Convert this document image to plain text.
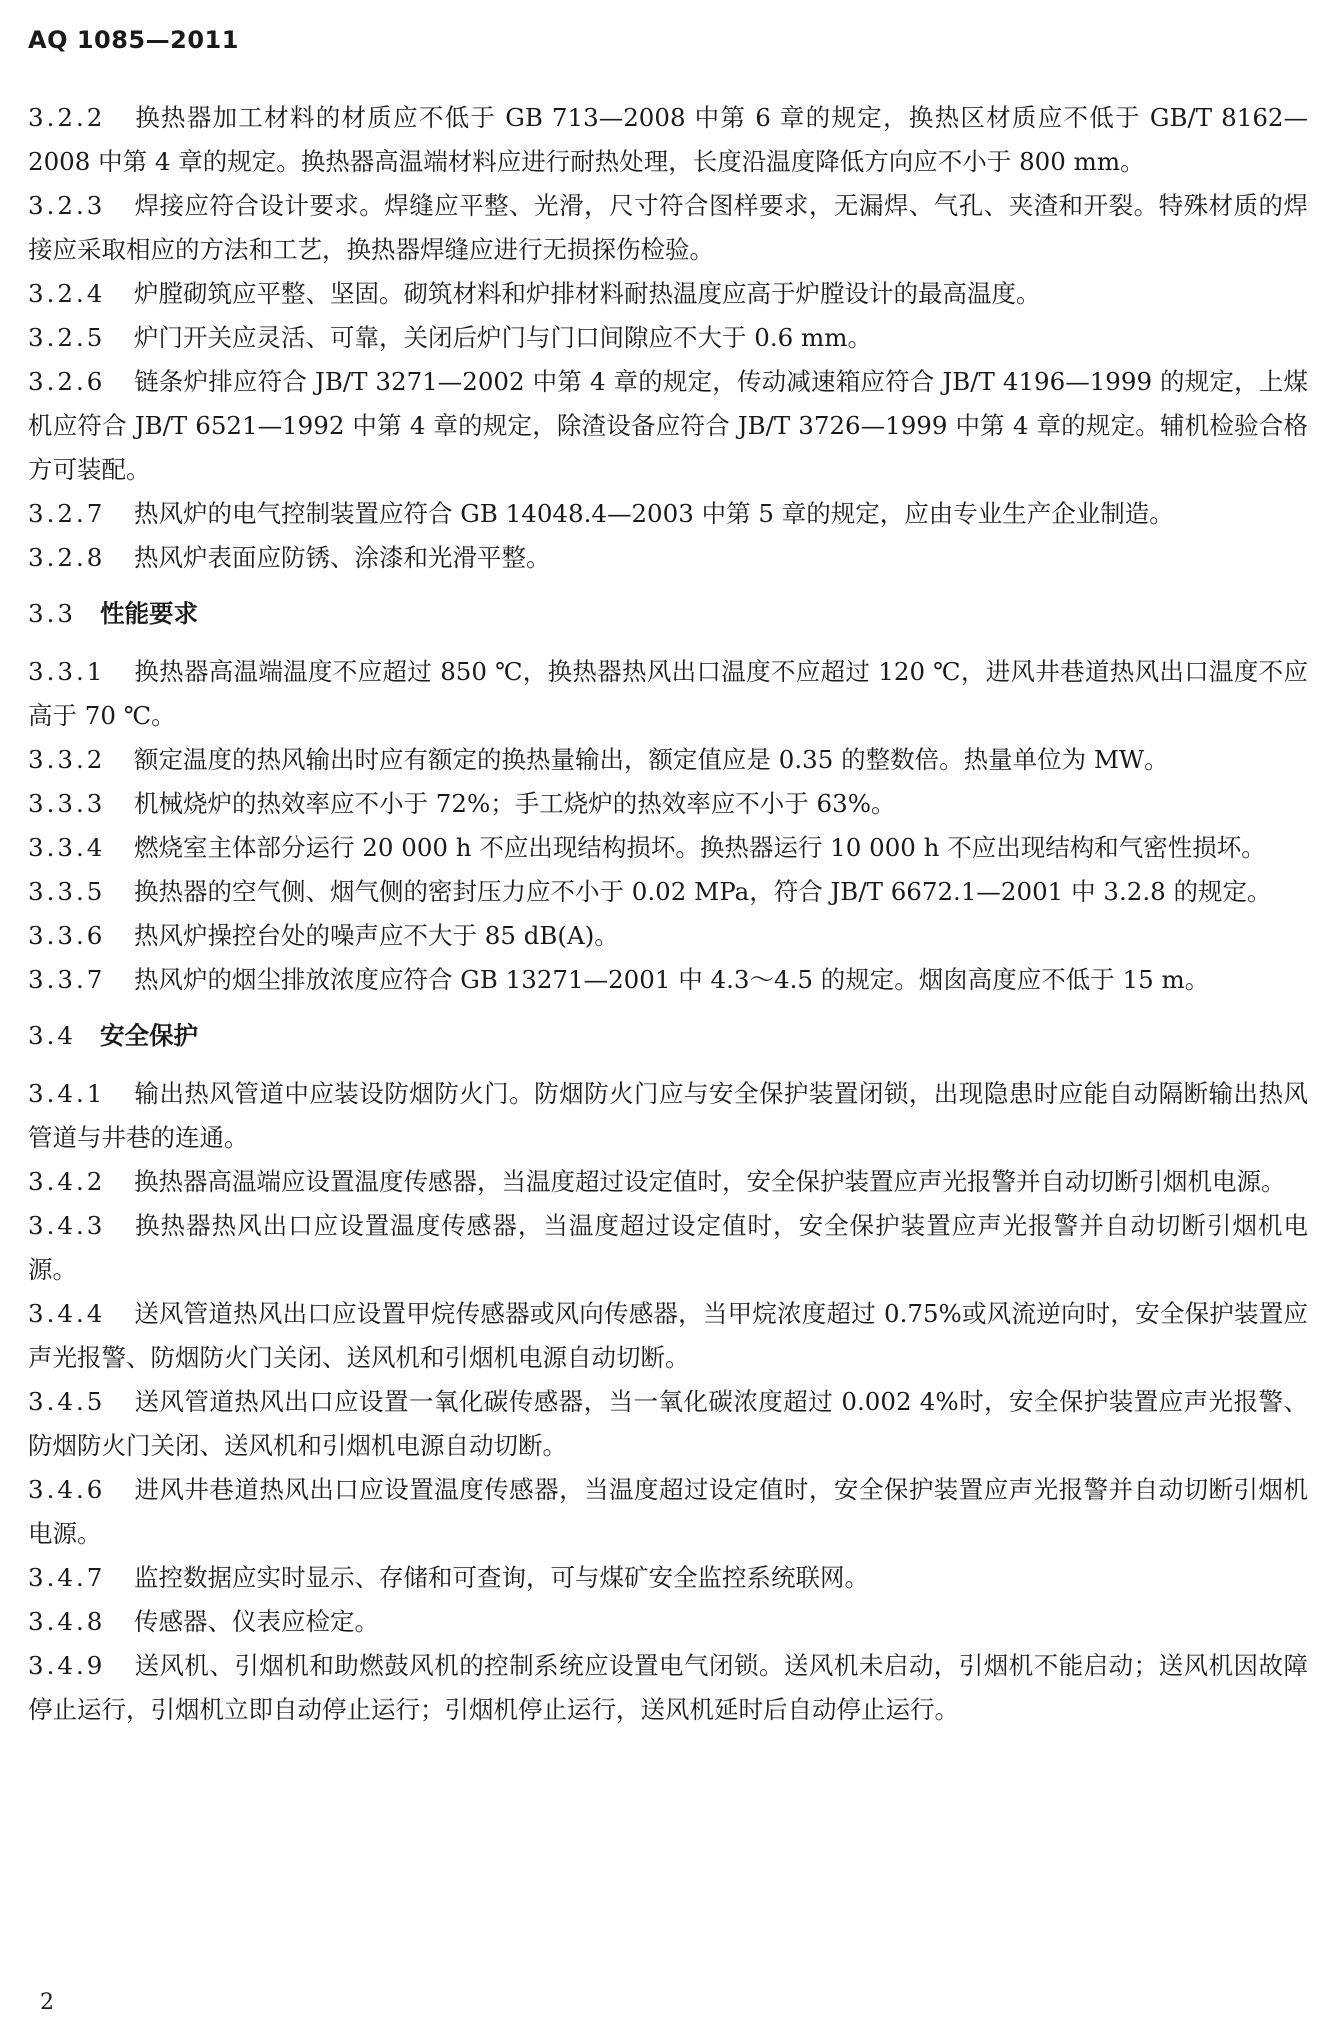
AQ 1085—2011

3.2.2 换热器加工材料的材质应不低于 GB 713—2008 中第 6 章的规定，换热区材质应不低于 GB/T 8162—2008 中第 4 章的规定。换热器高温端材料应进行耐热处理，长度沿温度降低方向应不小于 800 mm。

3.2.3 焊接应符合设计要求。焊缝应平整、光滑，尺寸符合图样要求，无漏焊、气孔、夹渣和开裂。特殊材质的焊接应采取相应的方法和工艺，换热器焊缝应进行无损探伤检验。

3.2.4 炉膛砌筑应平整、坚固。砌筑材料和炉排材料耐热温度应高于炉膛设计的最高温度。

3.2.5 炉门开关应灵活、可靠，关闭后炉门与门口间隙应不大于 0.6 mm。

3.2.6 链条炉排应符合 JB/T 3271—2002 中第 4 章的规定，传动减速箱应符合 JB/T 4196—1999 的规定，上煤机应符合 JB/T 6521—1992 中第 4 章的规定，除渣设备应符合 JB/T 3726—1999 中第 4 章的规定。辅机检验合格方可装配。

3.2.7 热风炉的电气控制装置应符合 GB 14048.4—2003 中第 5 章的规定，应由专业生产企业制造。

3.2.8 热风炉表面应防锈、涂漆和光滑平整。

3.3 性能要求

3.3.1 换热器高温端温度不应超过 850 ℃，换热器热风出口温度不应超过 120 ℃，进风井巷道热风出口温度不应高于 70 ℃。

3.3.2 额定温度的热风输出时应有额定的换热量输出，额定值应是 0.35 的整数倍。热量单位为 MW。

3.3.3 机械烧炉的热效率应不小于 72%；手工烧炉的热效率应不小于 63%。

3.3.4 燃烧室主体部分运行 20 000 h 不应出现结构损坏。换热器运行 10 000 h 不应出现结构和气密性损坏。

3.3.5 换热器的空气侧、烟气侧的密封压力应不小于 0.02 MPa，符合 JB/T 6672.1—2001 中 3.2.8 的规定。

3.3.6 热风炉操控台处的噪声应不大于 85 dB(A)。

3.3.7 热风炉的烟尘排放浓度应符合 GB 13271—2001 中 4.3～4.5 的规定。烟囱高度应不低于 15 m。

3.4 安全保护

3.4.1 输出热风管道中应装设防烟防火门。防烟防火门应与安全保护装置闭锁，出现隐患时应能自动隔断输出热风管道与井巷的连通。

3.4.2 换热器高温端应设置温度传感器，当温度超过设定值时，安全保护装置应声光报警并自动切断引烟机电源。

3.4.3 换热器热风出口应设置温度传感器，当温度超过设定值时，安全保护装置应声光报警并自动切断引烟机电源。

3.4.4 送风管道热风出口应设置甲烷传感器或风向传感器，当甲烷浓度超过 0.75%或风流逆向时，安全保护装置应声光报警、防烟防火门关闭、送风机和引烟机电源自动切断。

3.4.5 送风管道热风出口应设置一氧化碳传感器，当一氧化碳浓度超过 0.002 4%时，安全保护装置应声光报警、防烟防火门关闭、送风机和引烟机电源自动切断。

3.4.6 进风井巷道热风出口应设置温度传感器，当温度超过设定值时，安全保护装置应声光报警并自动切断引烟机电源。

3.4.7 监控数据应实时显示、存储和可查询，可与煤矿安全监控系统联网。

3.4.8 传感器、仪表应检定。

3.4.9 送风机、引烟机和助燃鼓风机的控制系统应设置电气闭锁。送风机未启动，引烟机不能启动；送风机因故障停止运行，引烟机立即自动停止运行；引烟机停止运行，送风机延时后自动停止运行。

2
